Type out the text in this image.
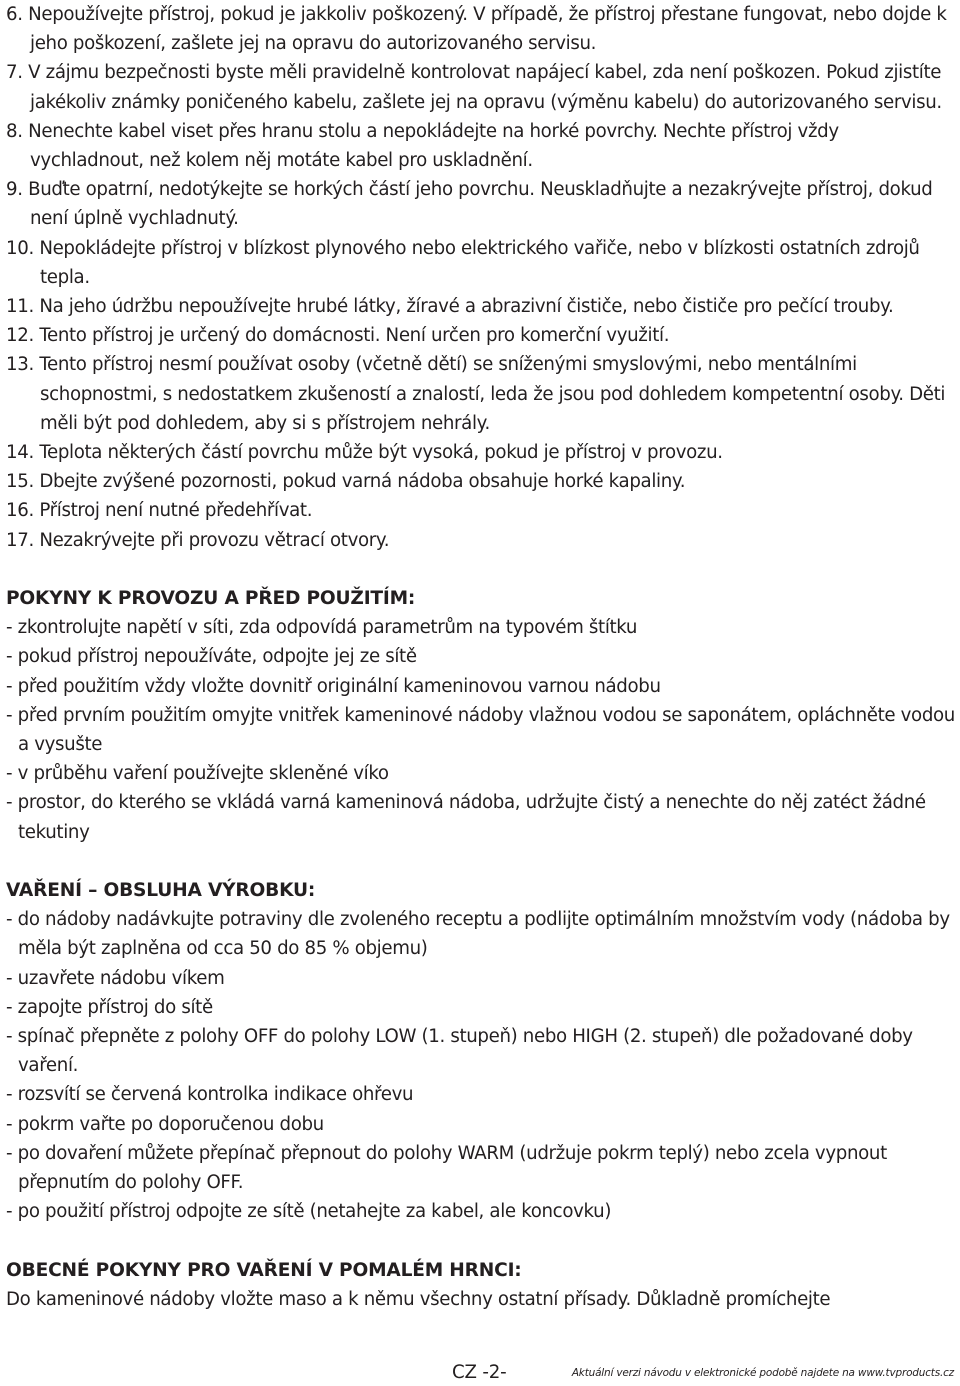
6. Nepoužívejte přístroj, pokud je jakkoliv poškozený. V případě, že přístroj přestane fungovat, nebo dojde k jeho poškození, zašlete jej na opravu do autorizovaného servisu.

7. V zájmu bezpečnosti byste měli pravidelně kontrolovat napájecí kabel, zda není poškozen. Pokud zjistíte jakékoliv známky poničeného kabelu, zašlete jej na opravu (výměnu kabelu) do autorizovaného servisu.

8. Nenechte kabel viset přes hranu stolu a nepokládejte na horké povrchy. Nechte přístroj vždy vychladnout, než kolem něj motáte kabel pro uskladnění.

9. Buďte opatrní, nedotýkejte se horkých částí jeho povrchu. Neuskladňujte a nezakrývejte přístroj, dokud není úplně vychladnutý.

10. Nepokládejte přístroj v blízkost plynového nebo elektrického vařiče, nebo v blízkosti ostatních zdrojů tepla.

11. Na jeho údržbu nepoužívejte hrubé látky, žíravé a abrazivní čističe, nebo čističe pro pečící trouby.

12. Tento přístroj je určený do domácnosti. Není určen pro komerční využití.

13. Tento přístroj nesmí používat osoby (včetně dětí) se sníženými smyslovými, nebo mentálními schopnostmi, s nedostatkem zkušeností a znalostí, leda že jsou pod dohledem kompetentní osoby. Děti měli být pod dohledem, aby si s přístrojem nehrály.

14. Teplota některých částí povrchu může být vysoká, pokud je přístroj v provozu.

15. Dbejte zvýšené pozornosti, pokud varná nádoba obsahuje horké kapaliny.

16. Přístroj není nutné předehřívat.

17. Nezakrývejte při provozu větrací otvory.

POKYNY K PROVOZU A PŘED POUŽITÍM:

- zkontrolujte napětí v síti, zda odpovídá parametrům na typovém štítku

- pokud přístroj nepoužíváte, odpojte jej ze sítě

- před použitím vždy vložte dovnitř originální kameninovou varnou nádobu

- před prvním použitím omyjte vnitřek kameninové nádoby vlažnou vodou se saponátem, opláchněte vodou a vysušte

- v průběhu vaření používejte skleněné víko

- prostor, do kterého se vkládá varná kameninová nádoba, udržujte čistý a nenechte do něj zatéct žádné tekutiny

VAŘENÍ – OBSLUHA VÝROBKU:

- do nádoby nadávkujte potraviny dle zvoleného receptu a podlijte optimálním množstvím vody (nádoba by měla být zaplněna od cca 50 do 85 % objemu)

- uzavřete nádobu víkem

- zapojte přístroj do sítě

- spínač přepněte z polohy OFF do polohy LOW (1. stupeň) nebo HIGH (2. stupeň) dle požadované doby vaření.

- rozsvítí se červená kontrolka indikace ohřevu

- pokrm vařte po doporučenou dobu

- po dovaření můžete přepínač přepnout do polohy WARM (udržuje pokrm teplý) nebo zcela vypnout přepnutím do polohy OFF.

- po použití přístroj odpojte ze sítě (netahejte za kabel, ale koncovku)

OBECNÉ POKYNY PRO VAŘENÍ V POMALÉM HRNCI:

Do kameninové nádoby vložte maso a k němu všechny ostatní přísady. Důkladně promíchejte

CZ -2-	Aktuální verzi návodu v elektronické podobě najdete na www.tvproducts.cz
